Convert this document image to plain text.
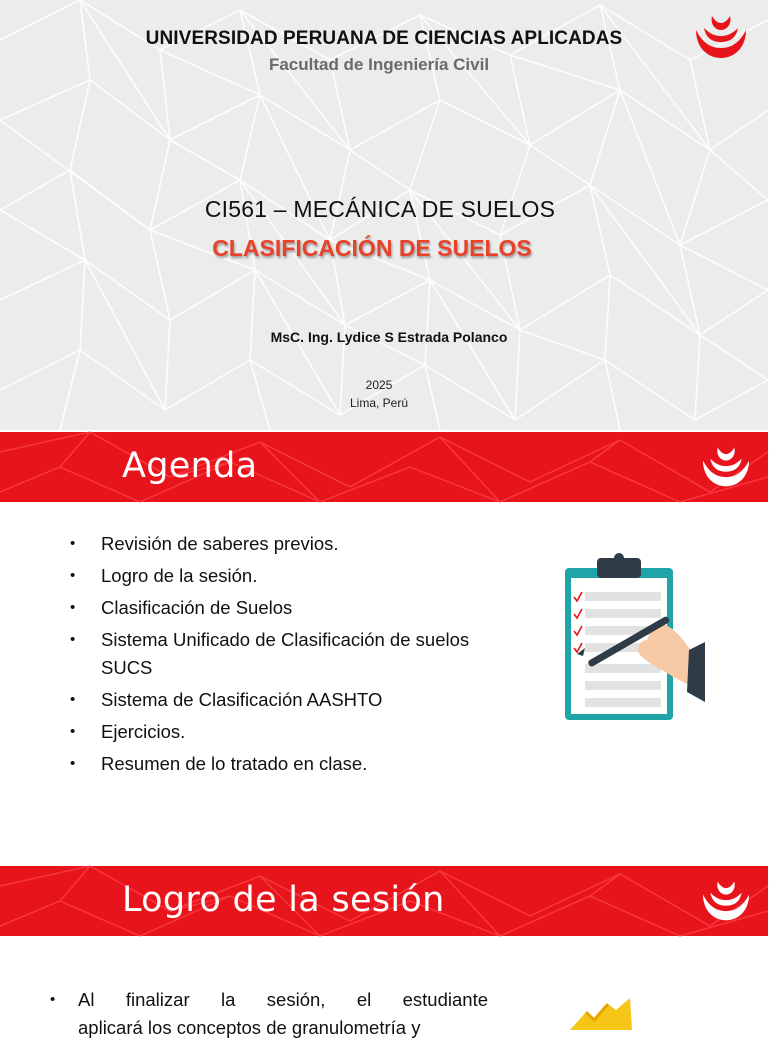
UNIVERSIDAD PERUANA DE CIENCIAS APLICADAS
Facultad de Ingeniería Civil
CI561 – MECÁNICA DE SUELOS
CLASIFICACIÓN DE SUELOS
MsC. Ing. Lydice S Estrada Polanco
2025
Lima, Perú
Agenda
• Revisión de saberes previos.
• Logro de la sesión.
• Clasificación de Suelos
• Sistema Unificado de Clasificación de suelos SUCS
• Sistema de Clasificación AASHTO
• Ejercicios.
• Resumen de lo tratado en clase.
Logro de la sesión
• Al finalizar la sesión, el estudiante
aplicará los conceptos de granulometría y
